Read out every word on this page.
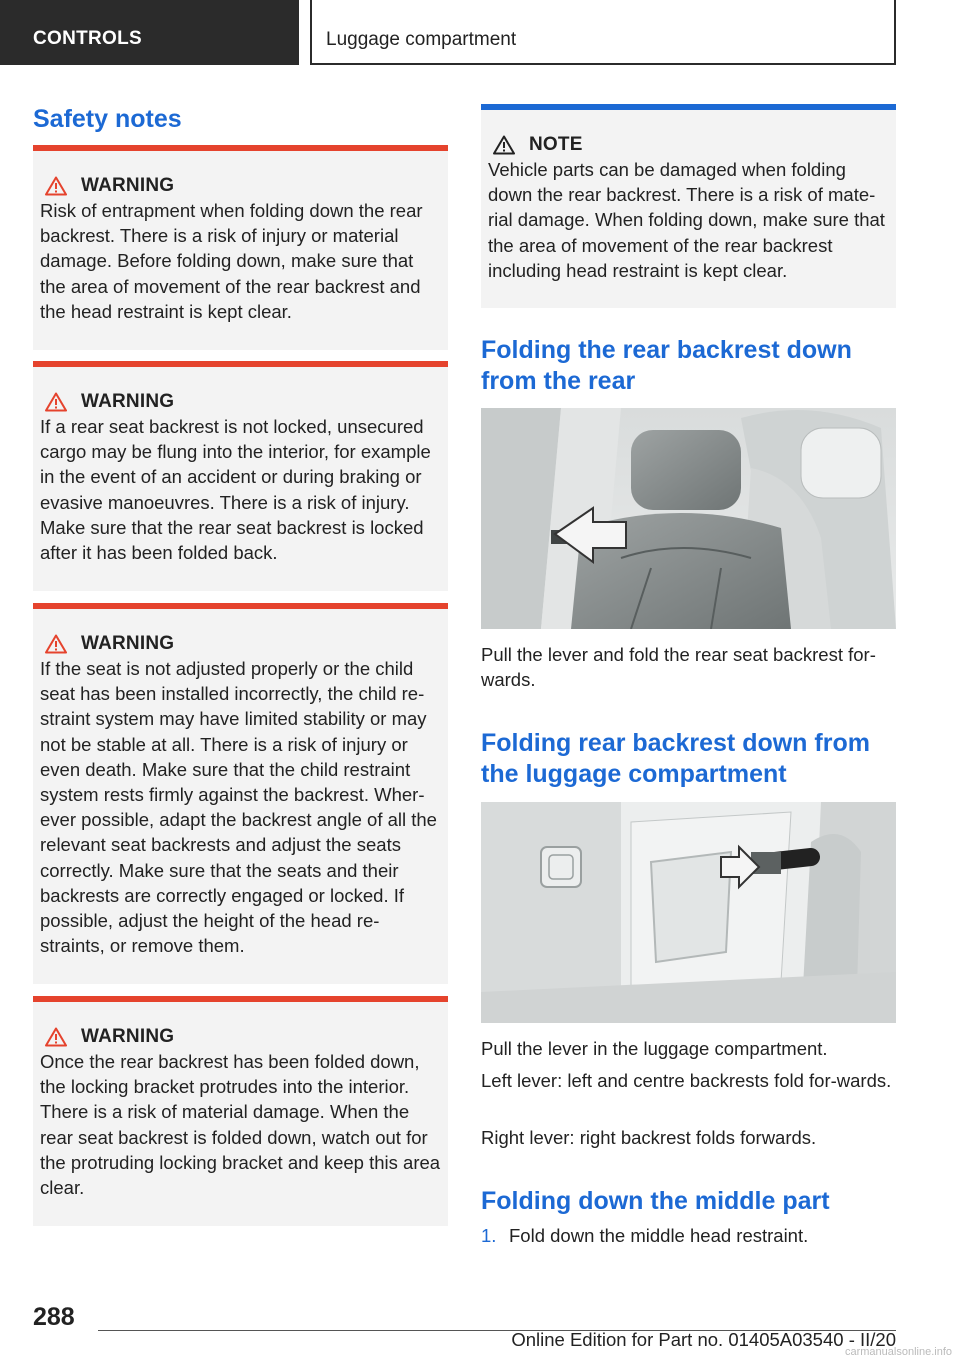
CONTROLS	Luggage compartment
Safety notes
WARNING
Risk of entrapment when folding down the rear backrest. There is a risk of injury or material damage. Before folding down, make sure that the area of movement of the rear backrest and the head restraint is kept clear.
WARNING
If a rear seat backrest is not locked, unsecured cargo may be flung into the interior, for example in the event of an accident or during braking or evasive manoeuvres. There is a risk of injury. Make sure that the rear seat backrest is locked after it has been folded back.
WARNING
If the seat is not adjusted properly or the child seat has been installed incorrectly, the child re‐straint system may have limited stability or may not be stable at all. There is a risk of injury or even death. Make sure that the child restraint system rests firmly against the backrest. Wher‐ever possible, adapt the backrest angle of all the relevant seat backrests and adjust the seats correctly. Make sure that the seats and their backrests are correctly engaged or locked. If possible, adjust the height of the head re‐straints, or remove them.
WARNING
Once the rear backrest has been folded down, the locking bracket protrudes into the interior. There is a risk of material damage. When the rear seat backrest is folded down, watch out for the protruding locking bracket and keep this area clear.
NOTE
Vehicle parts can be damaged when folding down the rear backrest. There is a risk of mate‐rial damage. When folding down, make sure that the area of movement of the rear backrest including head restraint is kept clear.
Folding the rear backrest down from the rear
Pull the lever and fold the rear seat backrest for‐wards.
Folding rear backrest down from the luggage compartment
Pull the lever in the luggage compartment.
Left lever: left and centre backrests fold for‐wards.
Right lever: right backrest folds forwards.
Folding down the middle part
1. Fold down the middle head restraint.
288
Online Edition for Part no. 01405A03540 - II/20
carmanualsonline.info
